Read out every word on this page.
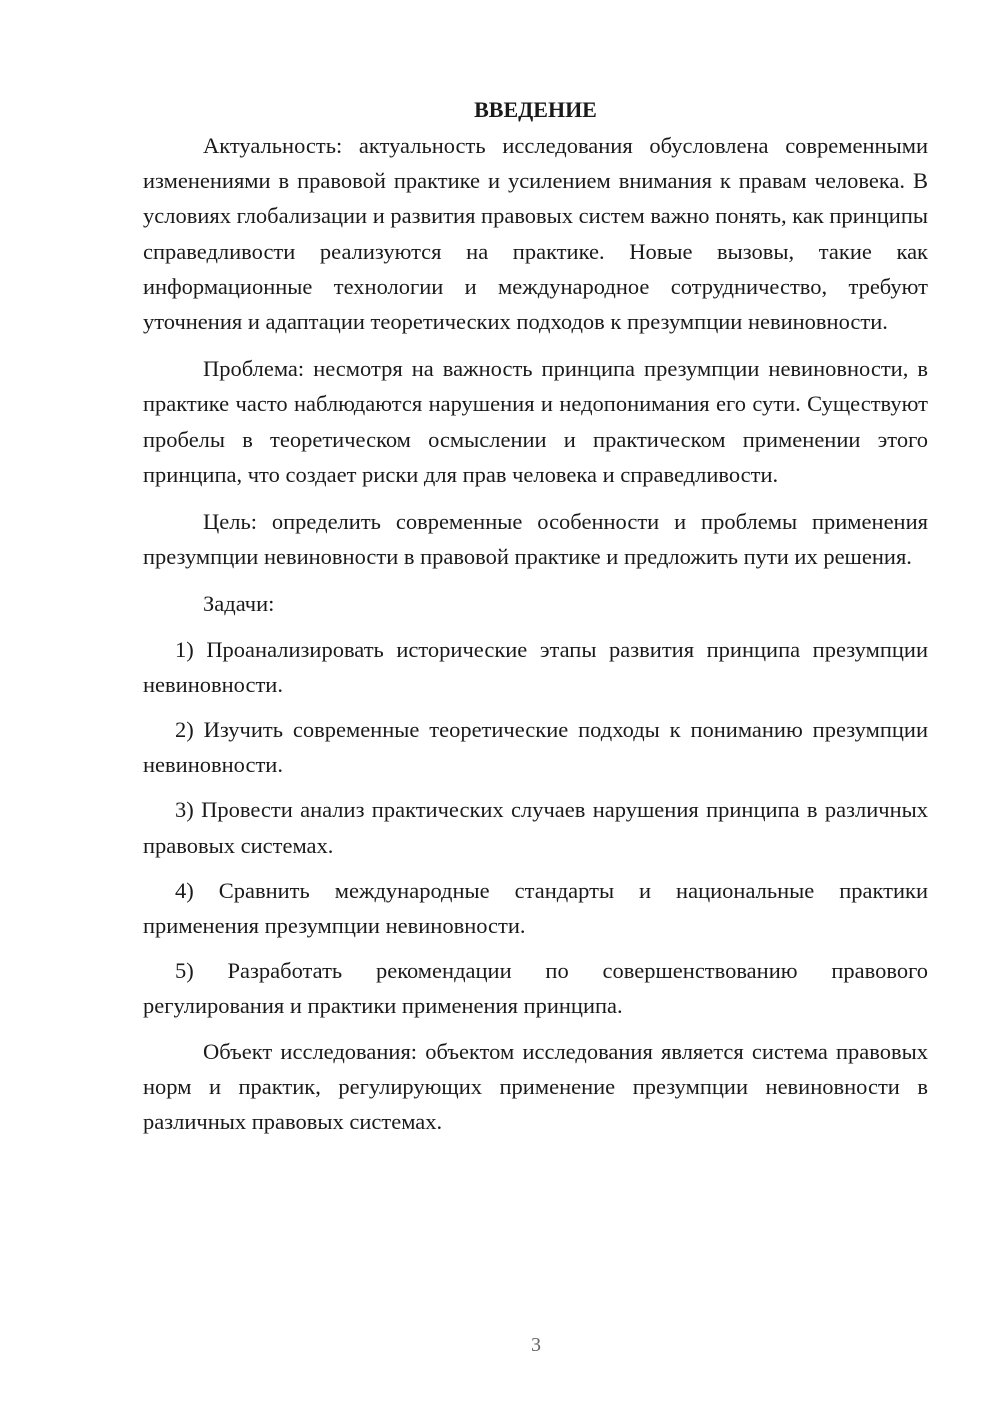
ВВЕДЕНИЕ

Актуальность: актуальность исследования обусловлена современными изменениями в правовой практике и усилением внимания к правам человека. В условиях глобализации и развития правовых систем важно понять, как принципы справедливости реализуются на практике. Новые вызовы, такие как информационные технологии и международное сотрудничество, требуют уточнения и адаптации теоретических подходов к презумпции невиновности.

Проблема: несмотря на важность принципа презумпции невиновности, в практике часто наблюдаются нарушения и недопонимания его сути. Существуют пробелы в теоретическом осмыслении и практическом применении этого принципа, что создает риски для прав человека и справедливости.

Цель: определить современные особенности и проблемы применения презумпции невиновности в правовой практике и предложить пути их решения.

Задачи:

1) Проанализировать исторические этапы развития принципа презумпции невиновности.

2) Изучить современные теоретические подходы к пониманию презумпции невиновности.

3) Провести анализ практических случаев нарушения принципа в различных правовых системах.

4) Сравнить международные стандарты и национальные практики применения презумпции невиновности.

5) Разработать рекомендации по совершенствованию правового регулирования и практики применения принципа.

Объект исследования: объектом исследования является система правовых норм и практик, регулирующих применение презумпции невиновности в различных правовых системах.

3
